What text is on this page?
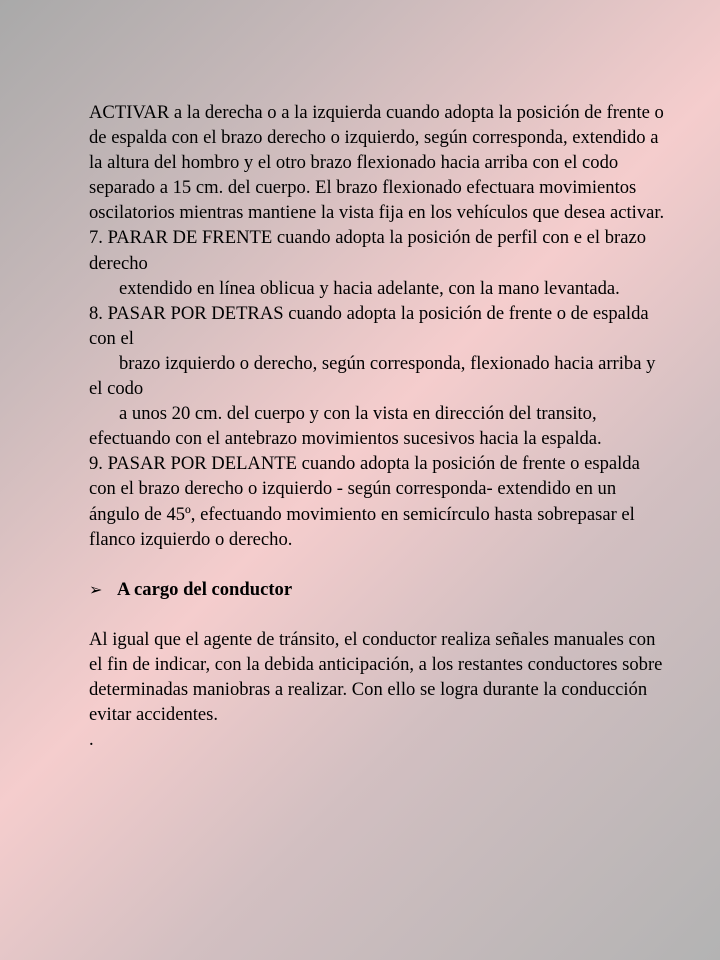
ACTIVAR a la derecha o a la izquierda cuando adopta la posición de frente o de espalda con el brazo derecho o izquierdo, según corresponda, extendido a la altura del hombro y el otro brazo flexionado hacia arriba con el codo separado a 15 cm. del cuerpo. El brazo flexionado efectuara movimientos oscilatorios mientras mantiene la vista fija en los vehículos que desea activar.

7. PARAR DE FRENTE cuando adopta la posición de perfil con e el brazo derecho

extendido en línea oblicua y hacia adelante, con la mano levantada.

8. PASAR POR DETRAS cuando adopta la posición de frente o de espalda con el

brazo izquierdo o derecho, según corresponda, flexionado hacia arriba y el codo

a unos 20 cm. del cuerpo y con la vista en dirección del transito, efectuando con el antebrazo movimientos sucesivos hacia la espalda.

9. PASAR POR DELANTE cuando adopta la posición de frente o espalda con el brazo derecho o izquierdo - según corresponda- extendido en un ángulo de 45º, efectuando movimiento en semicírculo hasta sobrepasar el flanco izquierdo o derecho.

➢ A cargo del conductor

Al igual que el agente de tránsito, el conductor realiza señales manuales con el fin de indicar, con la debida anticipación, a los restantes conductores sobre determinadas maniobras a realizar. Con ello se logra durante la conducción evitar accidentes.

.
